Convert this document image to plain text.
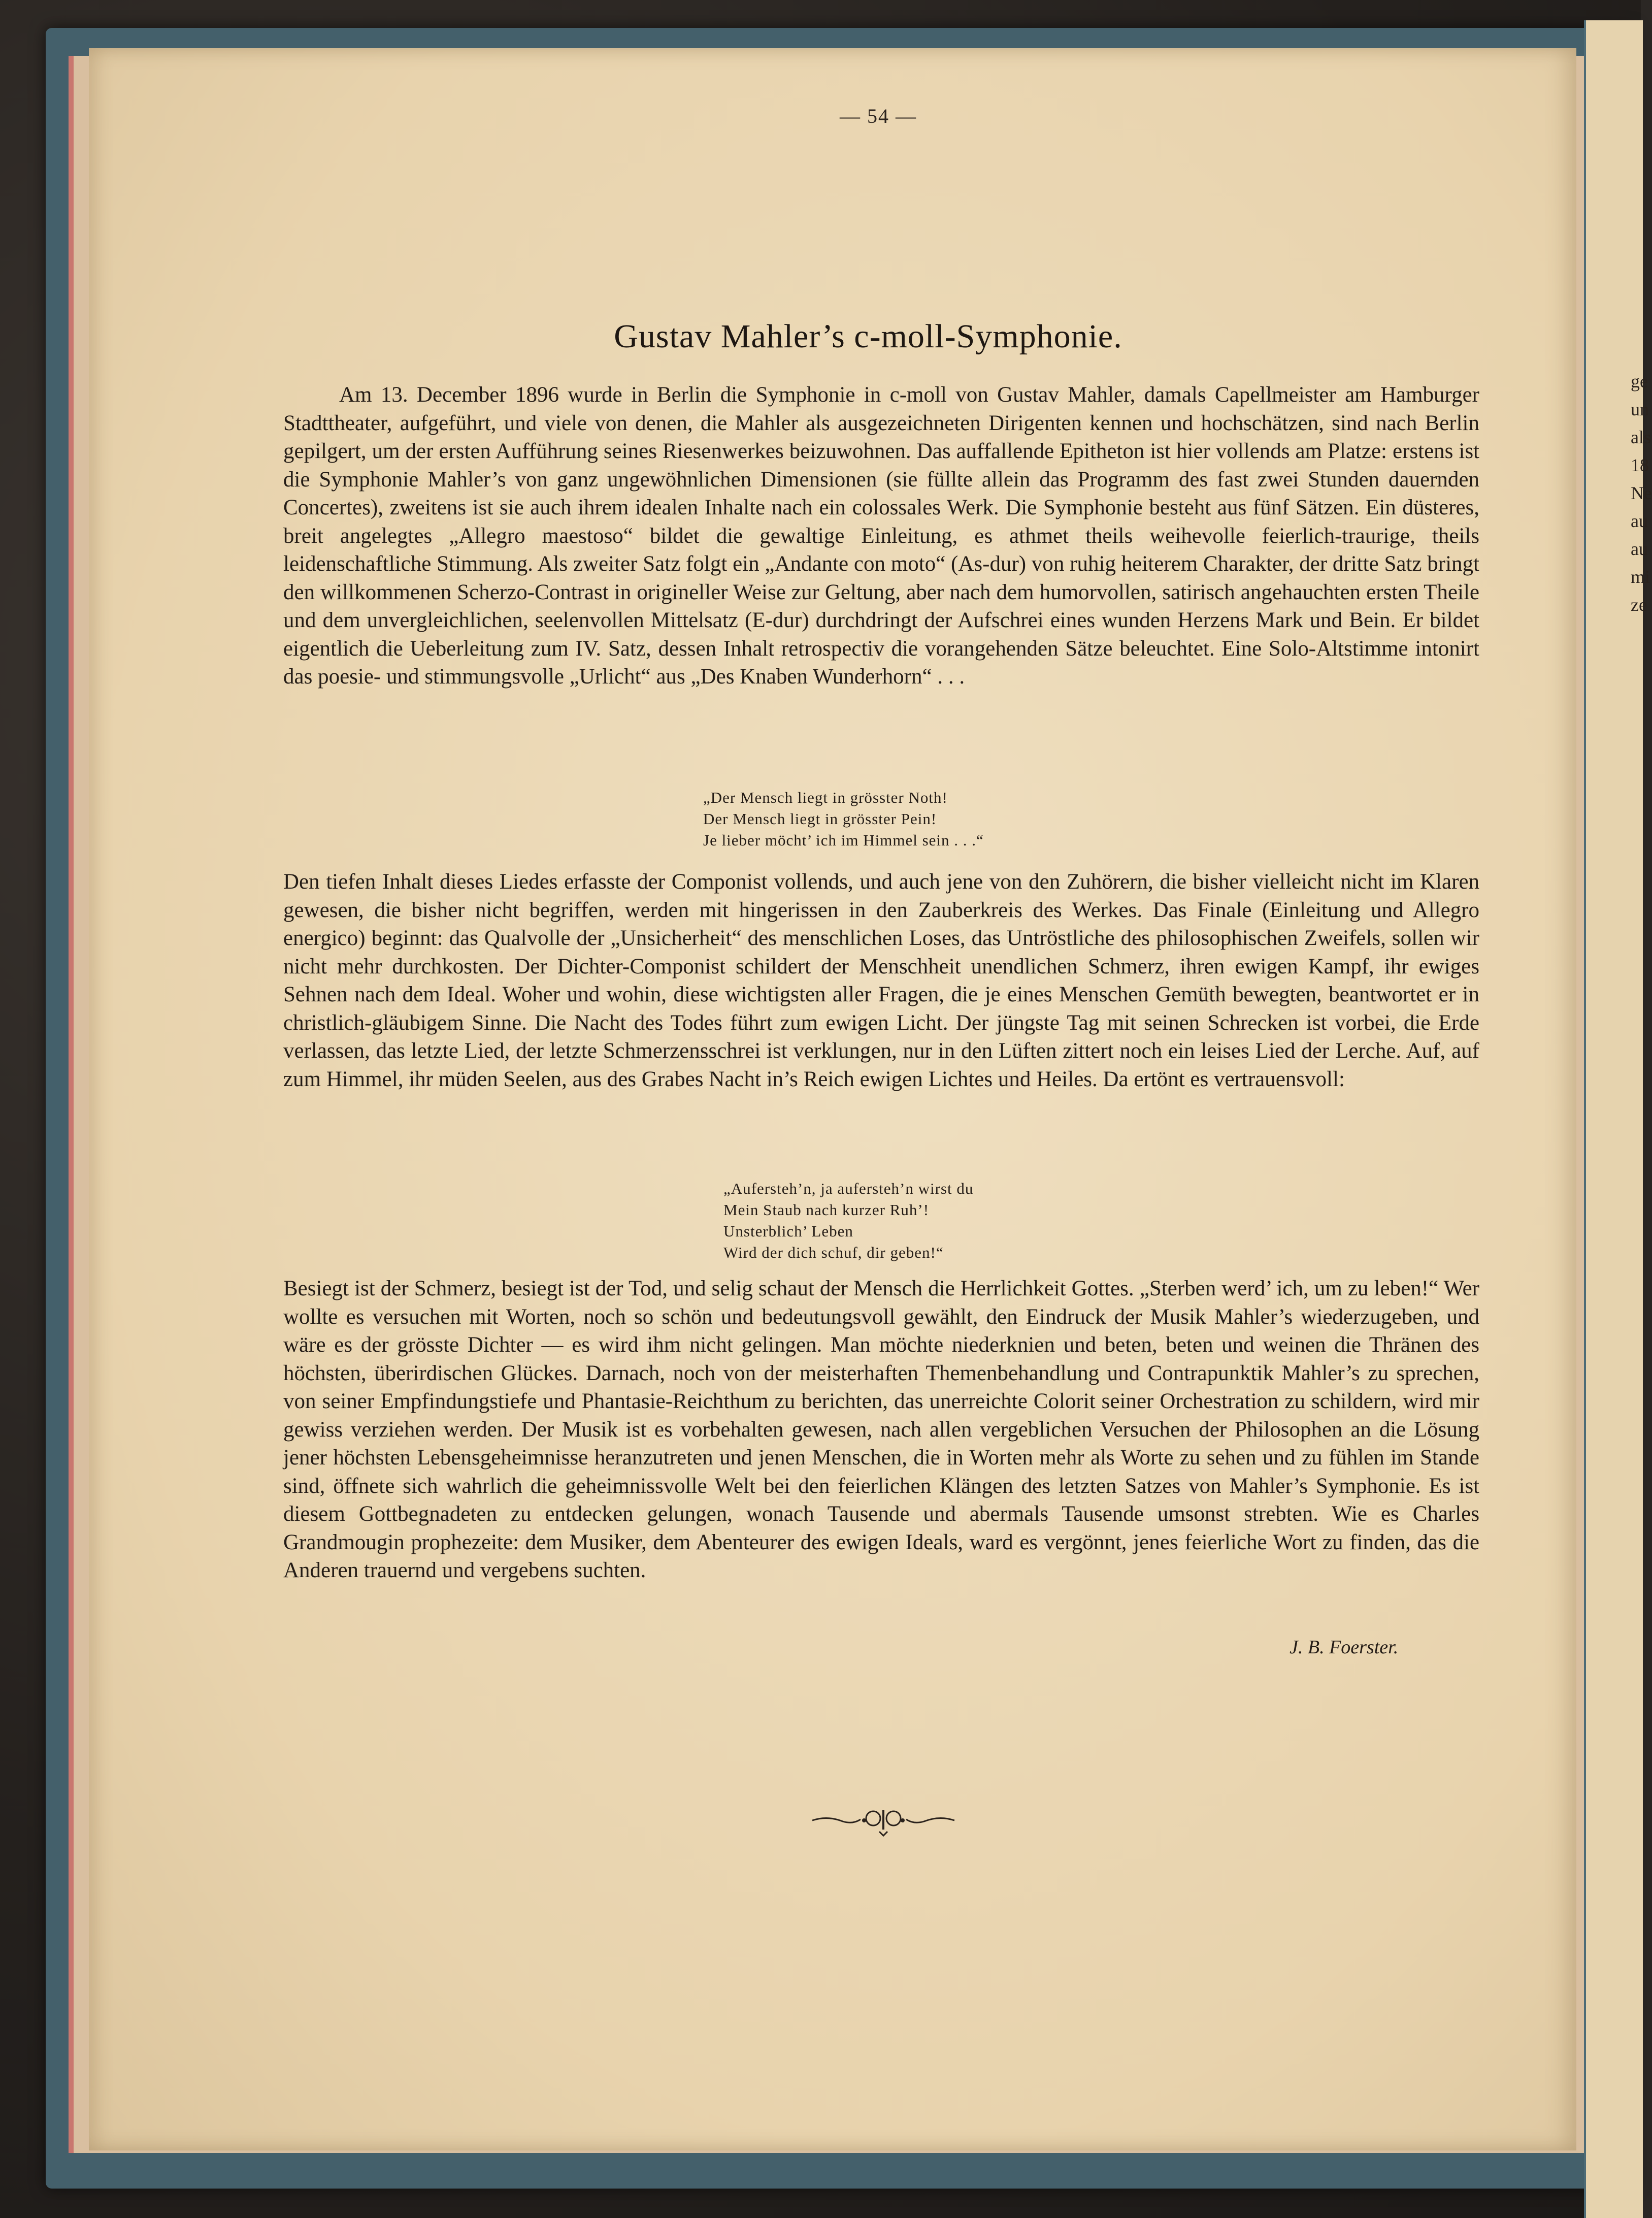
ge
un
als
18
Ne
au
au
mi
ze
— 54 —
Gustav Mahler’s c-moll-Symphonie.

Am 13. December 1896 wurde in Berlin die Symphonie in c-moll von Gustav Mahler, damals Capellmeister am Hamburger Stadttheater, aufgeführt, und viele von denen, die Mahler als ausgezeichneten Dirigenten kennen und hochschätzen, sind nach Berlin gepilgert, um der ersten Aufführung seines Riesenwerkes beizuwohnen. Das auffallende Epitheton ist hier vollends am Platze: erstens ist die Symphonie Mahler’s von ganz ungewöhnlichen Dimensionen (sie füllte allein das Programm des fast zwei Stunden dauernden Concertes), zweitens ist sie auch ihrem idealen Inhalte nach ein colossales Werk. Die Symphonie besteht aus fünf Sätzen. Ein düsteres, breit angelegtes „Allegro maestoso“ bildet die gewaltige Einleitung, es athmet theils weihevolle feierlich-traurige, theils leidenschaftliche Stimmung. Als zweiter Satz folgt ein „Andante con moto“ (As-dur) von ruhig heiterem Charakter, der dritte Satz bringt den willkommenen Scherzo-Contrast in origineller Weise zur Geltung, aber nach dem humorvollen, satirisch angehauchten ersten Theile und dem unvergleichlichen, seelenvollen Mittelsatz (E-dur) durchdringt der Aufschrei eines wunden Herzens Mark und Bein. Er bildet eigentlich die Ueberleitung zum IV. Satz, dessen Inhalt retrospectiv die vorangehenden Sätze beleuchtet. Eine Solo-Altstimme intonirt das poesie- und stimmungsvolle „Urlicht“ aus „Des Knaben Wunderhorn“ . . .

„Der Mensch liegt in grösster Noth!
Der Mensch liegt in grösster Pein!
Je lieber möcht’ ich im Himmel sein . . .“

Den tiefen Inhalt dieses Liedes erfasste der Componist vollends, und auch jene von den Zuhörern, die bisher vielleicht nicht im Klaren gewesen, die bisher nicht begriffen, werden mit hingerissen in den Zauberkreis des Werkes. Das Finale (Einleitung und Allegro energico) beginnt: das Qualvolle der „Unsicherheit“ des menschlichen Loses, das Untröstliche des philosophischen Zweifels, sollen wir nicht mehr durchkosten. Der Dichter-Componist schildert der Menschheit unendlichen Schmerz, ihren ewigen Kampf, ihr ewiges Sehnen nach dem Ideal. Woher und wohin, diese wichtigsten aller Fragen, die je eines Menschen Gemüth bewegten, beantwortet er in christlich-gläubigem Sinne. Die Nacht des Todes führt zum ewigen Licht. Der jüngste Tag mit seinen Schrecken ist vorbei, die Erde verlassen, das letzte Lied, der letzte Schmerzensschrei ist verklungen, nur in den Lüften zittert noch ein leises Lied der Lerche. Auf, auf zum Himmel, ihr müden Seelen, aus des Grabes Nacht in’s Reich ewigen Lichtes und Heiles. Da ertönt es vertrauensvoll:

„Aufersteh’n, ja aufersteh’n wirst du
Mein Staub nach kurzer Ruh’!
Unsterblich’ Leben
Wird der dich schuf, dir geben!“

Besiegt ist der Schmerz, besiegt ist der Tod, und selig schaut der Mensch die Herrlichkeit Gottes. „Sterben werd’ ich, um zu leben!“ Wer wollte es versuchen mit Worten, noch so schön und bedeutungsvoll gewählt, den Eindruck der Musik Mahler’s wiederzugeben, und wäre es der grösste Dichter — es wird ihm nicht gelingen. Man möchte niederknien und beten, beten und weinen die Thränen des höchsten, überirdischen Glückes. Darnach, noch von der meisterhaften Themenbehandlung und Contrapunktik Mahler’s zu sprechen, von seiner Empfindungstiefe und Phantasie-Reichthum zu berichten, das unerreichte Colorit seiner Orchestration zu schildern, wird mir gewiss verziehen werden. Der Musik ist es vorbehalten gewesen, nach allen vergeblichen Versuchen der Philosophen an die Lösung jener höchsten Lebensgeheimnisse heranzutreten und jenen Menschen, die in Worten mehr als Worte zu sehen und zu fühlen im Stande sind, öffnete sich wahrlich die geheimnissvolle Welt bei den feierlichen Klängen des letzten Satzes von Mahler’s Symphonie. Es ist diesem Gottbegnadeten zu entdecken gelungen, wonach Tausende und abermals Tausende umsonst strebten. Wie es Charles Grandmougin prophezeite: dem Musiker, dem Abenteurer des ewigen Ideals, ward es vergönnt, jenes feierliche Wort zu finden, das die Anderen trauernd und vergebens suchten.

J. B. Foerster.
